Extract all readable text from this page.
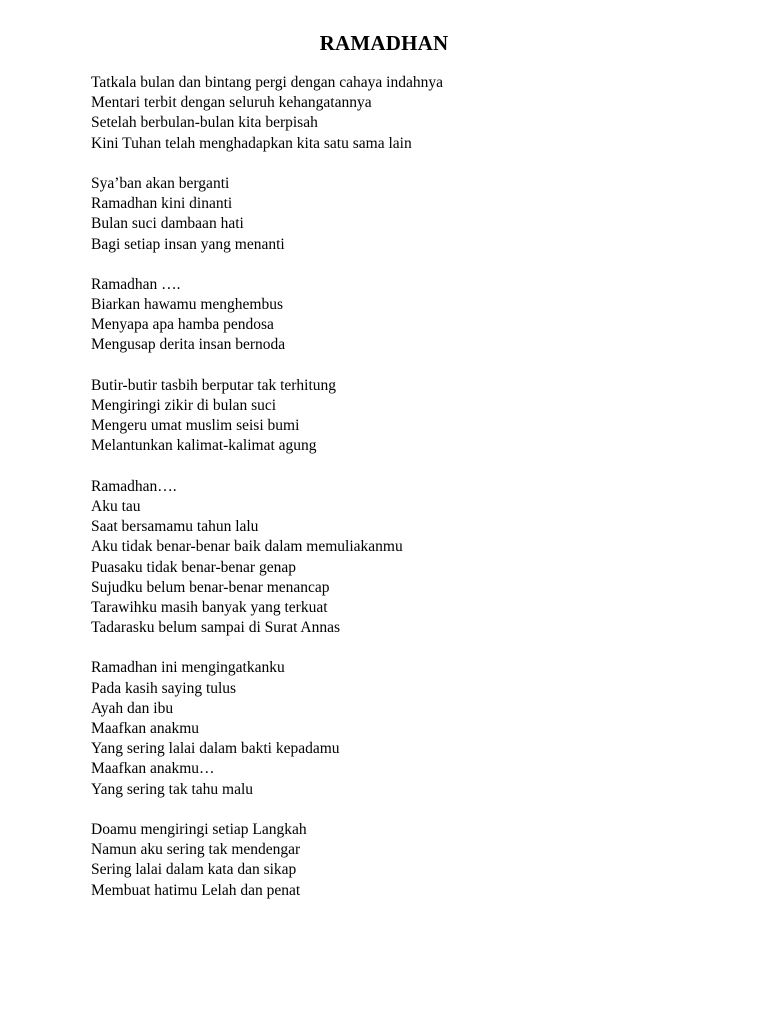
RAMADHAN
Tatkala bulan dan bintang pergi dengan cahaya indahnya
Mentari terbit dengan seluruh kehangatannya
Setelah berbulan-bulan kita berpisah
Kini Tuhan telah menghadapkan kita satu sama lain
Sya’ban akan berganti
Ramadhan kini dinanti
Bulan suci dambaan hati
Bagi setiap insan yang menanti
Ramadhan ….
Biarkan hawamu menghembus
Menyapa apa hamba pendosa
Mengusap derita insan bernoda
Butir-butir tasbih berputar tak terhitung
Mengiringi zikir di bulan suci
Mengeru umat muslim seisi bumi
Melantunkan kalimat-kalimat agung
Ramadhan….
Aku tau
Saat bersamamu tahun lalu
Aku tidak benar-benar baik dalam memuliakanmu
Puasaku tidak benar-benar genap
Sujudku belum benar-benar menancap
Tarawihku masih banyak yang terkuat
Tadarasku belum sampai di Surat Annas
Ramadhan ini mengingatkanku
Pada kasih saying tulus
Ayah dan ibu
Maafkan anakmu
Yang sering lalai dalam bakti kepadamu
Maafkan anakmu…
Yang sering tak tahu malu
Doamu mengiringi setiap Langkah
Namun aku sering tak mendengar
Sering lalai dalam kata dan sikap
Membuat hatimu Lelah dan penat
